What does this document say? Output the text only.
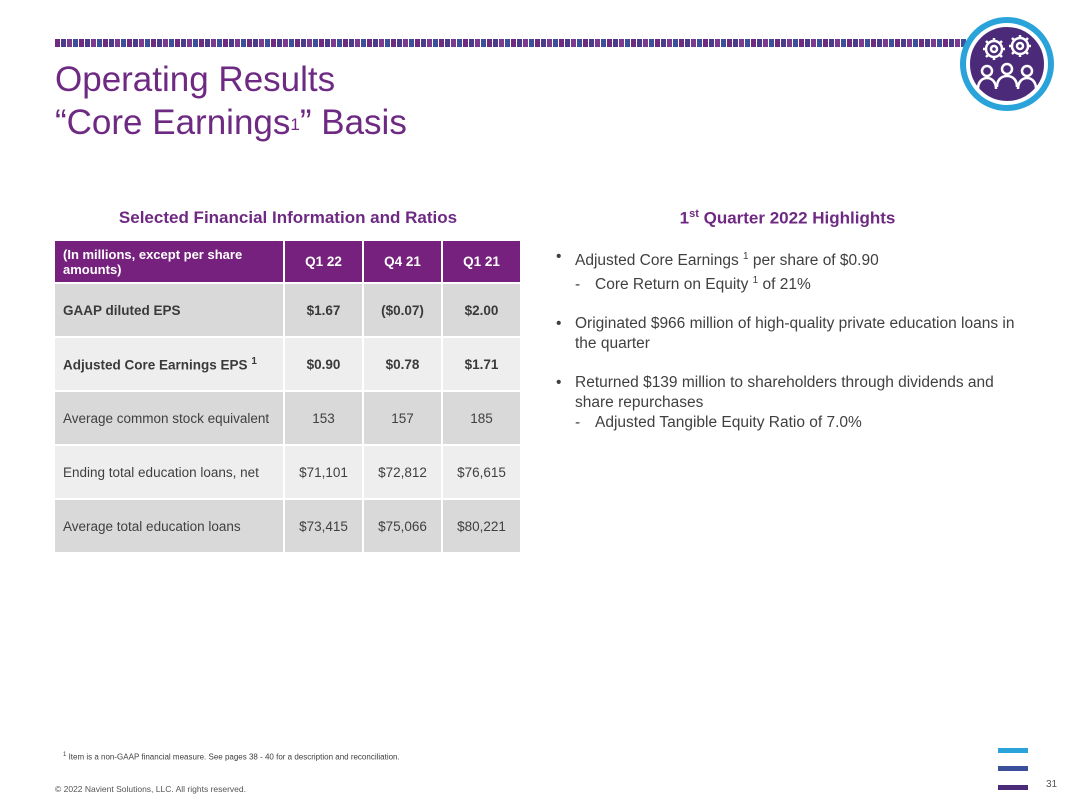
Operating Results
“Core Earnings$^1$” Basis
Selected Financial Information and Ratios
(In millions, except per share amounts)	Q1 22	Q4 21	Q1 21
GAAP diluted EPS	$1.67	($0.07)	$2.00
Adjusted Core Earnings EPS $^1$	$0.90	$0.78	$1.71
Average common stock equivalent	153	157	185
Ending total education loans, net	$71,101	$72,812	$76,615
Average total education loans	$73,415	$75,066	$80,221
1st Quarter 2022 Highlights
• Adjusted Core Earnings $^1$ per share of $0.90
- Core Return on Equity $^1$ of 21%
• Originated $966 million of high-quality private education loans in the quarter
• Returned $139 million to shareholders through dividends and share repurchases
- Adjusted Tangible Equity Ratio of 7.0%
$^1$ Item is a non-GAAP financial measure. See pages 38 - 40 for a description and reconciliation.
© 2022 Navient Solutions, LLC. All rights reserved.	31
